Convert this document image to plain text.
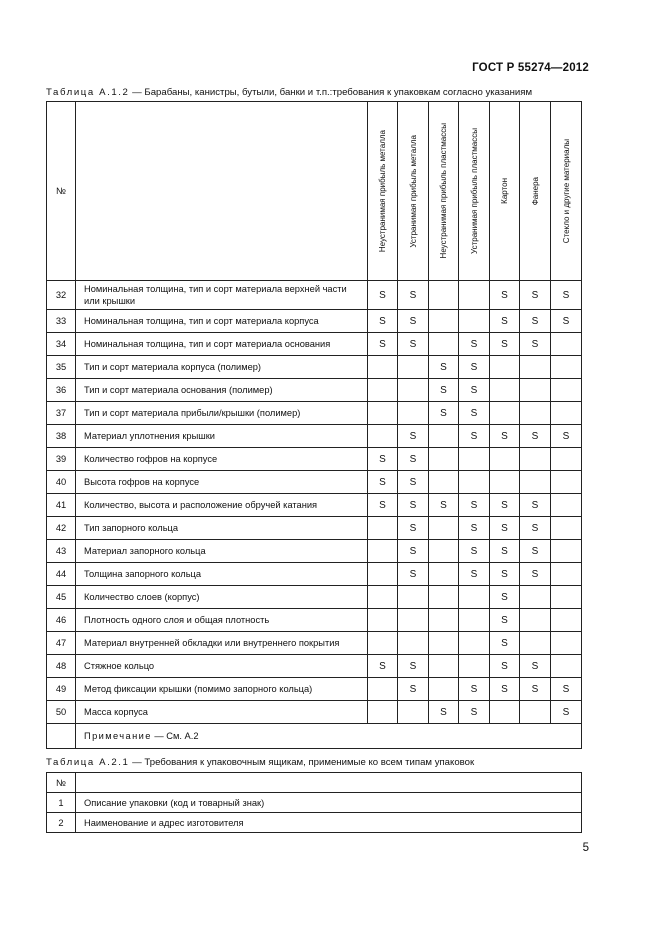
ГОСТ Р 55274—2012
Таблица А.1.2 — Барабаны, канистры, бутыли, банки и т.п.:требования к упаковкам согласно указаниям
№		Неустранимая прибыль металла	Устранимая прибыль металла	Неустранимая прибыль пластмассы	Устранимая прибыль пластмассы	Картон	Фанера	Стекло и другие материалы

32	Номинальная толщина, тип и сорт материала верхней части или крышки	S	S			S	S	S
33	Номинальная толщина, тип и сорт материала корпуса	S	S			S	S	S
34	Номинальная толщина, тип и сорт материала основания	S	S		S	S	S	
35	Тип и сорт материала корпуса (полимер)			S	S			
36	Тип и сорт материала основания (полимер)			S	S			
37	Тип и сорт материала прибыли/крышки (полимер)			S	S			
38	Материал уплотнения крышки		S		S	S	S	S
39	Количество гофров на корпусе	S	S					
40	Высота гофров на корпусе	S	S					
41	Количество, высота и расположение обручей катания	S	S	S	S	S	S	
42	Тип запорного кольца		S		S	S	S	
43	Материал запорного кольца		S		S	S	S	
44	Толщина запорного кольца		S		S	S	S	
45	Количество слоев (корпус)					S		
46	Плотность одного слоя и общая плотность					S		
47	Материал внутренней обкладки или внутреннего покрытия					S		
48	Стяжное кольцо	S	S			S	S	
49	Метод фиксации крышки (помимо запорного кольца)		S		S	S	S	S
50	Масса корпуса			S	S			S
	Примечание — См. А.2							
Таблица А.2.1 — Требования к упаковочным ящикам, применимые ко всем типам упаковок
№	
1	Описание упаковки (код и товарный знак)
2	Наименование и адрес изготовителя
5
